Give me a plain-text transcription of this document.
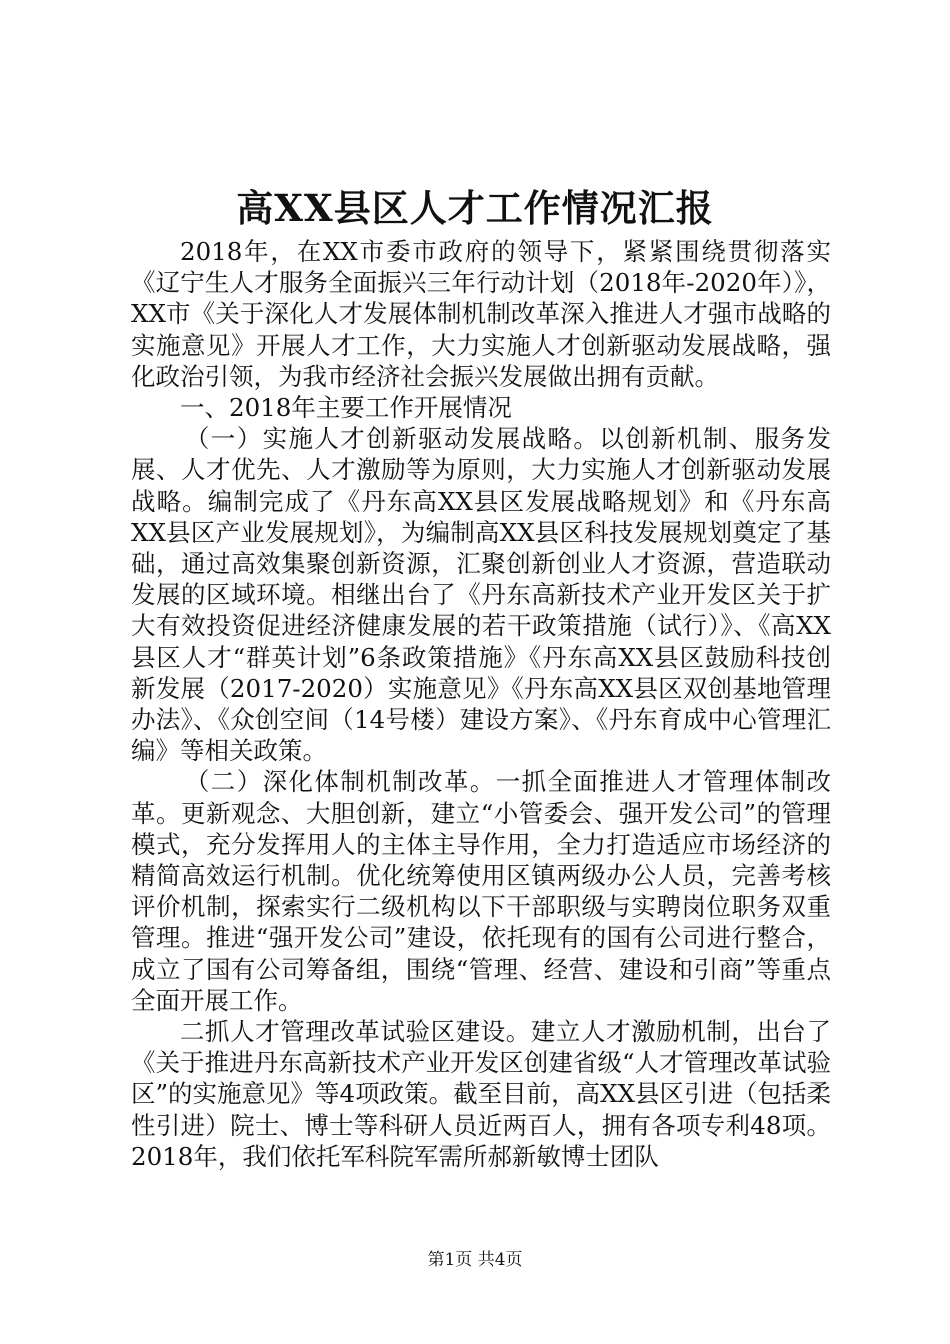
高XX县区人才工作情况汇报

2018年，在XX市委市政府的领导下，紧紧围绕贯彻落实《辽宁生人才服务全面振兴三年行动计划（2018年-2020年）》，XX市《关于深化人才发展体制机制改革深入推进人才强市战略的实施意见》开展人才工作，大力实施人才创新驱动发展战略，强化政治引领，为我市经济社会振兴发展做出拥有贡献。

一、2018年主要工作开展情况

（一）实施人才创新驱动发展战略。以创新机制、服务发展、人才优先、人才激励等为原则，大力实施人才创新驱动发展战略。编制完成了《丹东高XX县区发展战略规划》和《丹东高XX县区产业发展规划》，为编制高XX县区科技发展规划奠定了基础，通过高效集聚创新资源，汇聚创新创业人才资源，营造联动发展的区域环境。相继出台了《丹东高新技术产业开发区关于扩大有效投资促进经济健康发展的若干政策措施（试行）》、《高XX县区人才“群英计划”6条政策措施》《丹东高XX县区鼓励科技创新发展（2017-2020）实施意见》《丹东高XX县区双创基地管理办法》、《众创空间（14号楼）建设方案》、《丹东育成中心管理汇编》等相关政策。

（二）深化体制机制改革。一抓全面推进人才管理体制改革。更新观念、大胆创新，建立“小管委会、强开发公司”的管理模式，充分发挥用人的主体主导作用，全力打造适应市场经济的精简高效运行机制。优化统筹使用区镇两级办公人员，完善考核评价机制，探索实行二级机构以下干部职级与实聘岗位职务双重管理。推进“强开发公司”建设，依托现有的国有公司进行整合，成立了国有公司筹备组，围绕“管理、经营、建设和引商”等重点全面开展工作。

二抓人才管理改革试验区建设。建立人才激励机制，出台了《关于推进丹东高新技术产业开发区创建省级“人才管理改革试验区”的实施意见》等4项政策。截至目前，高XX县区引进（包括柔性引进）院士、博士等科研人员近两百人，拥有各项专利48项。2018年，我们依托军科院军需所郝新敏博士团队

第1页 共4页
